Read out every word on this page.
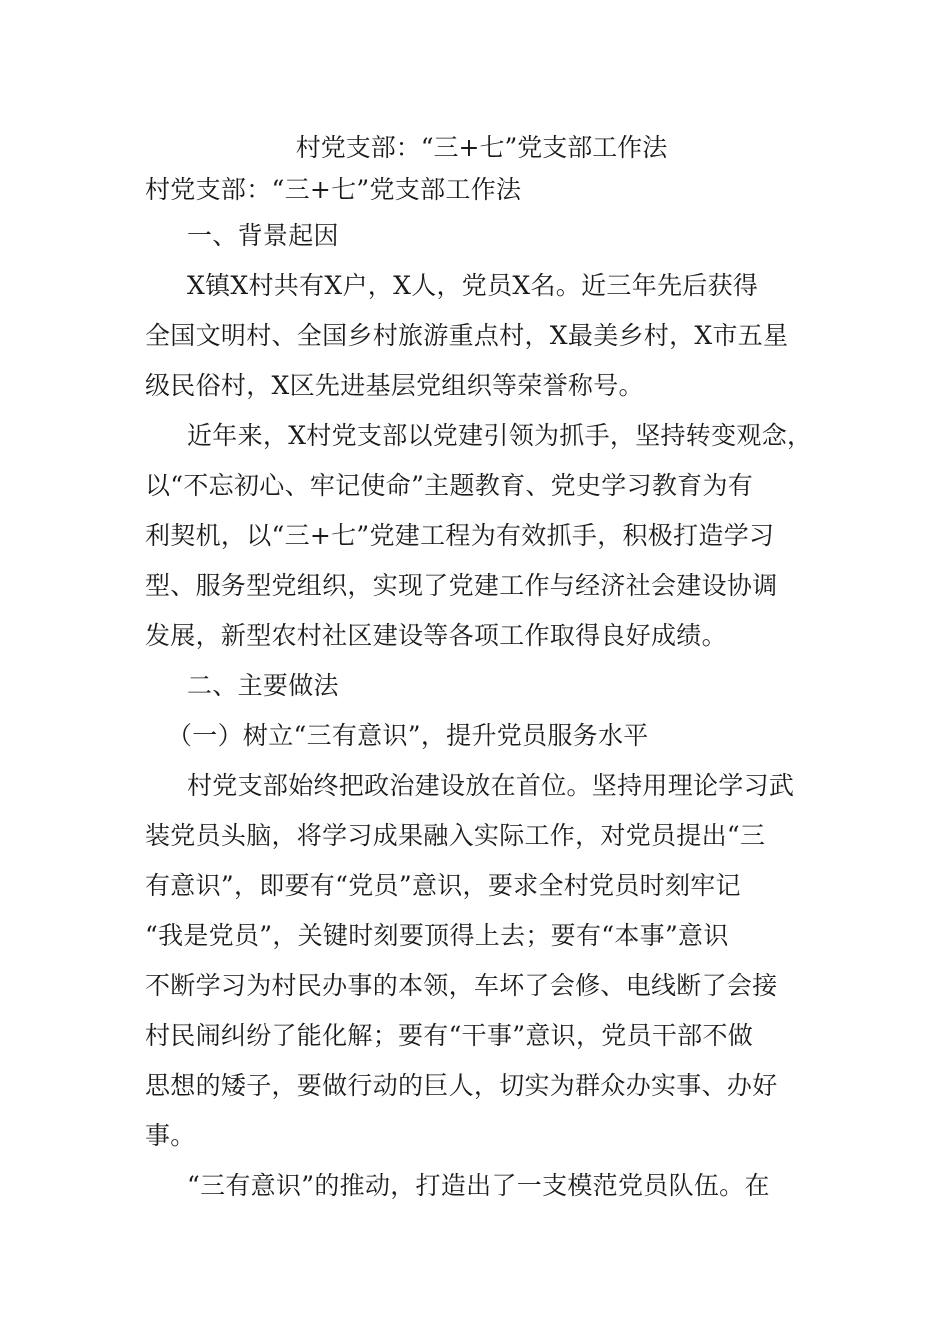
村党支部：“三+七”党支部工作法

村党支部：“三+七”党支部工作法

一、背景起因

X镇X村共有X户，X人，党员X名。近三年先后获得

全国文明村、全国乡村旅游重点村，X最美乡村，X市五星

级民俗村，X区先进基层党组织等荣誉称号。

近年来，X村党支部以党建引领为抓手，坚持转变观念，

以“不忘初心、牢记使命”主题教育、党史学习教育为有

利契机，以“三+七”党建工程为有效抓手，积极打造学习

型、服务型党组织，实现了党建工作与经济社会建设协调

发展，新型农村社区建设等各项工作取得良好成绩。

二、主要做法

（一）树立“三有意识”，提升党员服务水平

村党支部始终把政治建设放在首位。坚持用理论学习武

装党员头脑，将学习成果融入实际工作，对党员提出“三

有意识”，即要有“党员”意识，要求全村党员时刻牢记

“我是党员”，关键时刻要顶得上去；要有“本事”意识

不断学习为村民办事的本领，车坏了会修、电线断了会接

村民闹纠纷了能化解；要有“干事”意识，党员干部不做

思想的矮子，要做行动的巨人，切实为群众办实事、办好

事。

“三有意识”的推动，打造出了一支模范党员队伍。在
